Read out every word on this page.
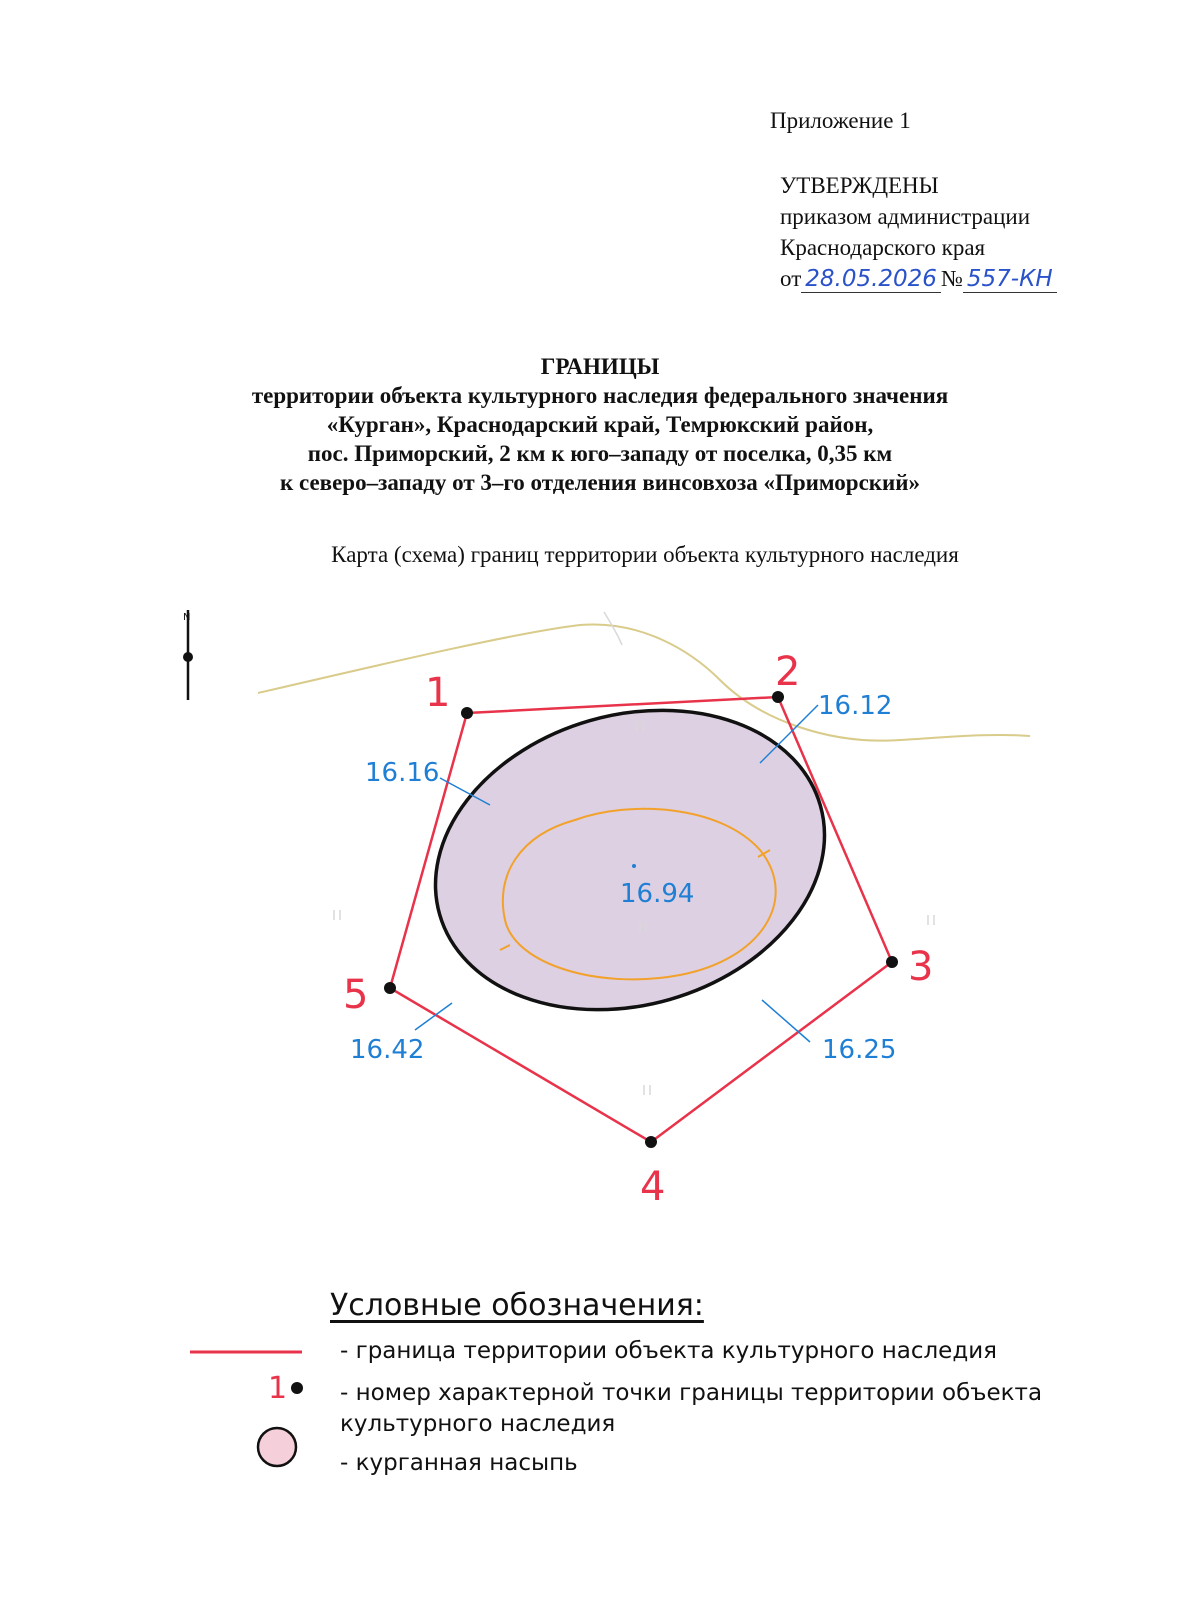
Приложение 1
УТВЕРЖДЕНЫ
приказом администрации
Краснодарского края
от 28.05.2026 № 557-КН
ГРАНИЦЫ
территории объекта культурного наследия федерального значения
«Курган», Краснодарский край, Темрюкский район,
пос. Приморский, 2 км к юго–западу от поселка, 0,35 км
к северо–западу от 3–го отделения винсовхоза «Приморский»
Карта (схема) границ территории объекта культурного наследия
N
1	2
3
4
5
16.94
16.16
16.12
16.25
16.42
Условные обозначения:
1
- граница территории объекта культурного наследия
- номер характерной точки границы территории объекта
культурного наследия
- курганная насыпь
